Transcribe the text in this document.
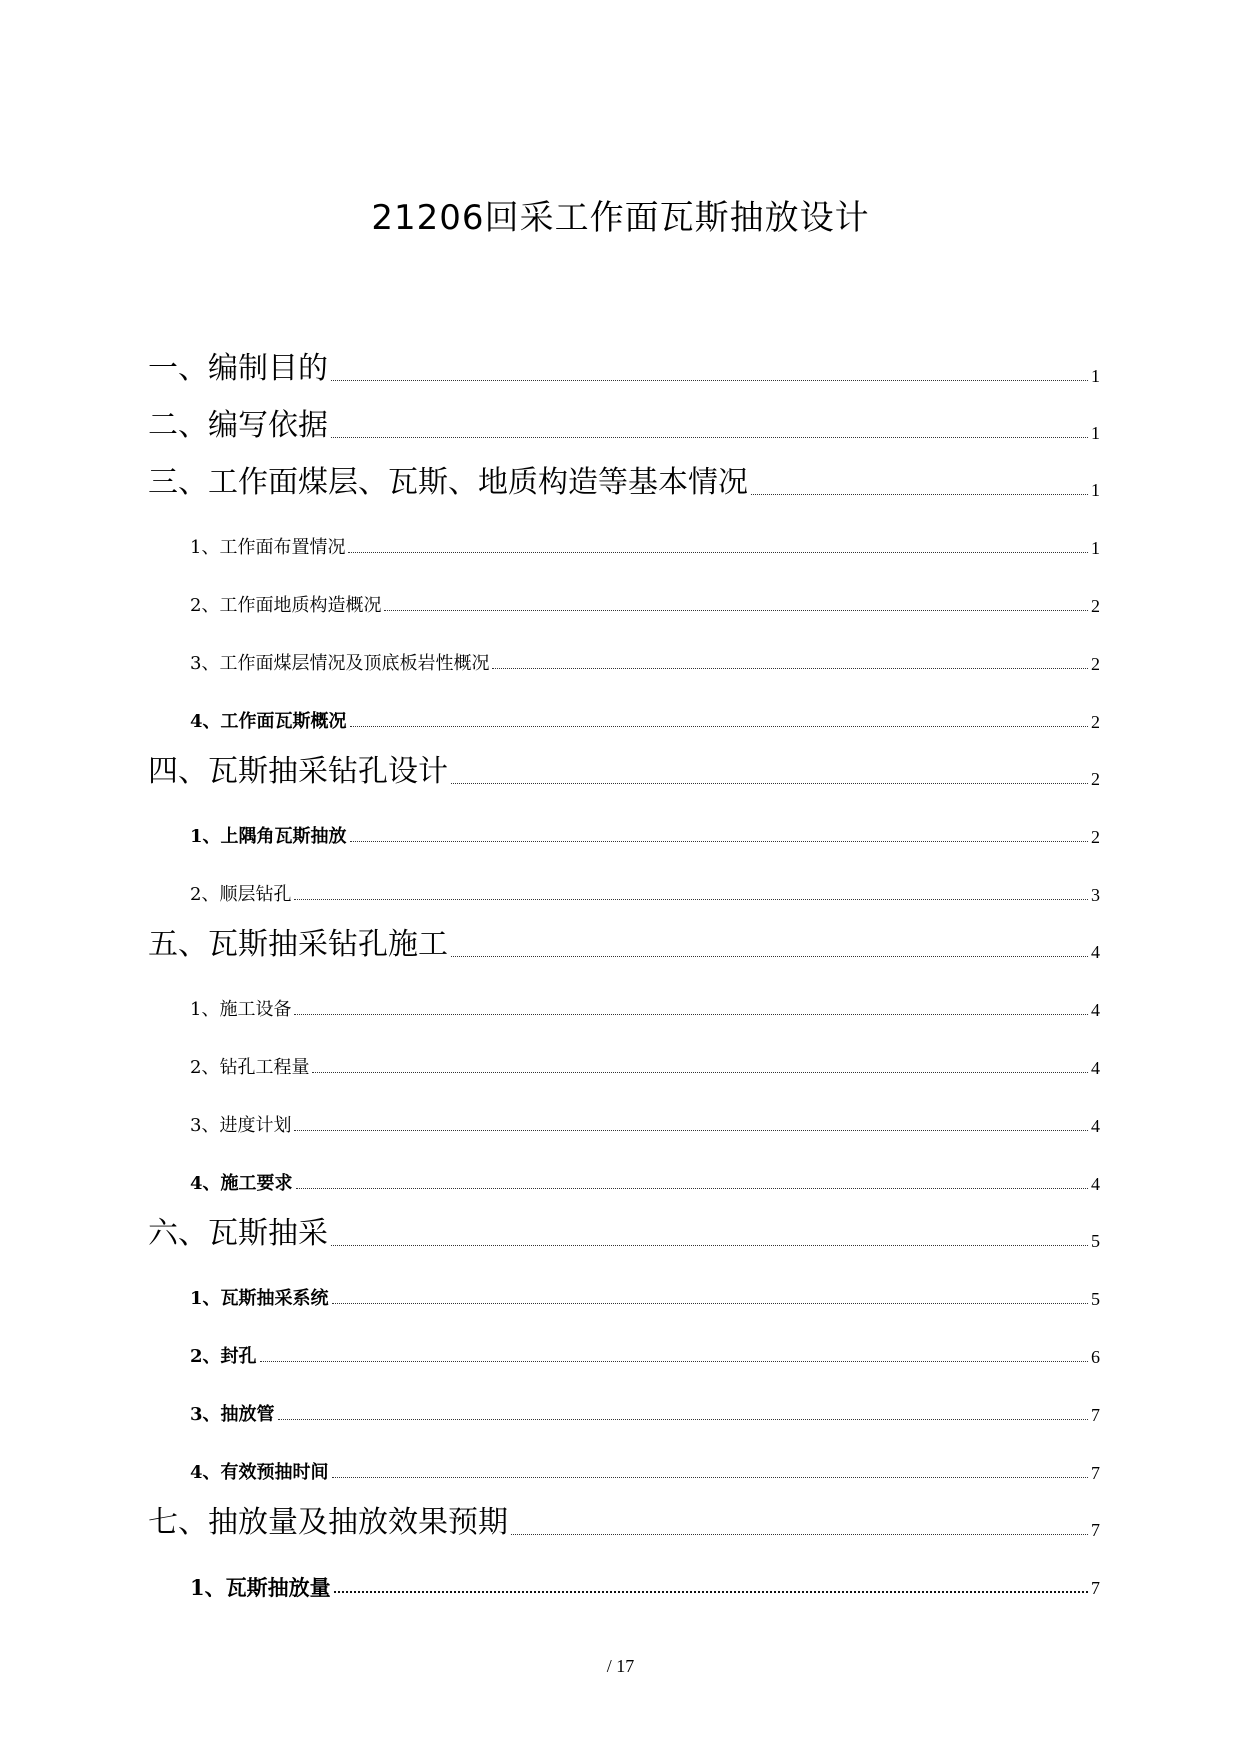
21206回采工作面瓦斯抽放设计
一、编制目的	1
二、编写依据	1
三、工作面煤层、瓦斯、地质构造等基本情况	1
1、工作面布置情况	1
2、工作面地质构造概况	2
3、工作面煤层情况及顶底板岩性概况	2
4、工作面瓦斯概况	2
四、瓦斯抽采钻孔设计	2
1、上隅角瓦斯抽放	2
2、顺层钻孔	3
五、瓦斯抽采钻孔施工	4
1、施工设备	4
2、钻孔工程量	4
3、进度计划	4
4、施工要求	4
六、瓦斯抽采	5
1、瓦斯抽采系统	5
2、封孔	6
3、抽放管	7
4、有效预抽时间	7
七、抽放量及抽放效果预期	7
1、瓦斯抽放量	7
/ 17
